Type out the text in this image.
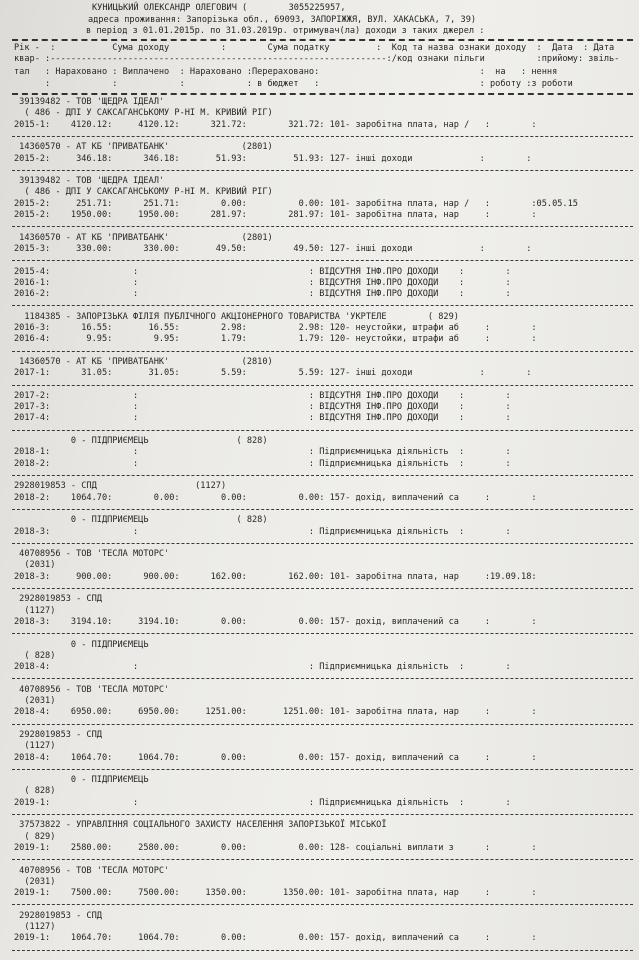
КУНИЦЬКИЙ ОЛЕКСАНДР ОЛЕГОВИЧ (        3055225957,
адреса проживання: Запорізька обл., 69093, ЗАПОРІЖЖЯ, ВУЛ. ХАКАСЬКА, 7, 39)
в період з 01.01.2015р. по 31.03.2019р. отримувач(ла) доходи з таких джерел :
Рік -  :           Сума доходу          :        Сума податку         :  Код та назва ознаки доходу  :  Дата  : Дата
квар- :-----------------------------------------------------------------:/код ознаки пільги          :прийому: звіль-
тал   : Нараховано : Виплачено  : Нараховано :Перераховано:                               :  на   : нення
:            :            :            : в бюджет   :                               : роботу :з роботи
39139482 - ТОВ 'ЩЕДРА ІДЕАЛ'
( 486 - ДПІ У САКСАГАНСЬКОМУ Р-НІ М. КРИВИЙ РІГ)
2015-1:    4120.12:     4120.12:      321.72:        321.72: 101- заробітна плата, нар /   :        :
14360570 - АТ КБ 'ПРИВАТБАНК'              (2801)
2015-2:     346.18:      346.18:       51.93:         51.93: 127- інші доходи             :        :
39139482 - ТОВ 'ЩЕДРА ІДЕАЛ'
( 486 - ДПІ У САКСАГАНСЬКОМУ Р-НІ М. КРИВИЙ РІГ)
2015-2:     251.71:      251.71:        0.00:          0.00: 101- заробітна плата, нар /   :        :05.05.15
2015-2:    1950.00:     1950.00:      281.97:        281.97: 101- заробітна плата, нар     :        :
14360570 - АТ КБ 'ПРИВАТБАНК'              (2801)
2015-3:     330.00:      330.00:       49.50:         49.50: 127- інші доходи             :        :
2015-4:                :                                 : ВІДСУТНЯ ІНФ.ПРО ДОХОДИ    :        :
2016-1:                :                                 : ВІДСУТНЯ ІНФ.ПРО ДОХОДИ    :        :
2016-2:                :                                 : ВІДСУТНЯ ІНФ.ПРО ДОХОДИ    :        :
1184385 - ЗАПОРІЗЬКА ФІЛІЯ ПУБЛІЧНОГО АКЦІОНЕРНОГО ТОВАРИСТВА 'УКРТЕЛЕ        ( 829)
2016-3:      16.55:       16.55:        2.98:          2.98: 120- неустойки, штрафи аб     :        :
2016-4:       9.95:        9.95:        1.79:          1.79: 120- неустойки, штрафи аб     :        :
14360570 - АТ КБ 'ПРИВАТБАНК'              (2810)
2017-1:      31.05:       31.05:        5.59:          5.59: 127- інші доходи             :        :
2017-2:                :                                 : ВІДСУТНЯ ІНФ.ПРО ДОХОДИ    :        :
2017-3:                :                                 : ВІДСУТНЯ ІНФ.ПРО ДОХОДИ    :        :
2017-4:                :                                 : ВІДСУТНЯ ІНФ.ПРО ДОХОДИ    :        :
0 - ПІДПРИЄМЕЦЬ                 ( 828)
2018-1:                :                                 : Підприємницька діяльність  :        :
2018-2:                :                                 : Підприємницька діяльність  :        :
2928019853 - СПД                   (1127)
2018-2:    1064.70:        0.00:        0.00:          0.00: 157- дохід, виплачений са     :        :
0 - ПІДПРИЄМЕЦЬ                 ( 828)
2018-3:                :                                 : Підприємницька діяльність  :        :
40708956 - ТОВ 'ТЕСЛА МОТОРС'
(2031)
2018-3:     900.00:      900.00:      162.00:        162.00: 101- заробітна плата, нар     :19.09.18:
2928019853 - СПД
(1127)
2018-3:    3194.10:     3194.10:        0.00:          0.00: 157- дохід, виплачений са     :        :
0 - ПІДПРИЄМЕЦЬ
( 828)
2018-4:                :                                 : Підприємницька діяльність  :        :
40708956 - ТОВ 'ТЕСЛА МОТОРС'
(2031)
2018-4:    6950.00:     6950.00:     1251.00:       1251.00: 101- заробітна плата, нар     :        :
2928019853 - СПД
(1127)
2018-4:    1064.70:     1064.70:        0.00:          0.00: 157- дохід, виплачений са     :        :
0 - ПІДПРИЄМЕЦЬ
( 828)
2019-1:                :                                 : Підприємницька діяльність  :        :
37573822 - УПРАВЛІННЯ СОЦІАЛЬНОГО ЗАХИСТУ НАСЕЛЕННЯ ЗАПОРІЗЬКОЇ МІСЬКОЇ
( 829)
2019-1:    2580.00:     2580.00:        0.00:          0.00: 128- соціальні виплати з      :        :
40708956 - ТОВ 'ТЕСЛА МОТОРС'
(2031)
2019-1:    7500.00:     7500.00:     1350.00:       1350.00: 101- заробітна плата, нар     :        :
2928019853 - СПД
(1127)
2019-1:    1064.70:     1064.70:        0.00:          0.00: 157- дохід, виплачений са     :        :
